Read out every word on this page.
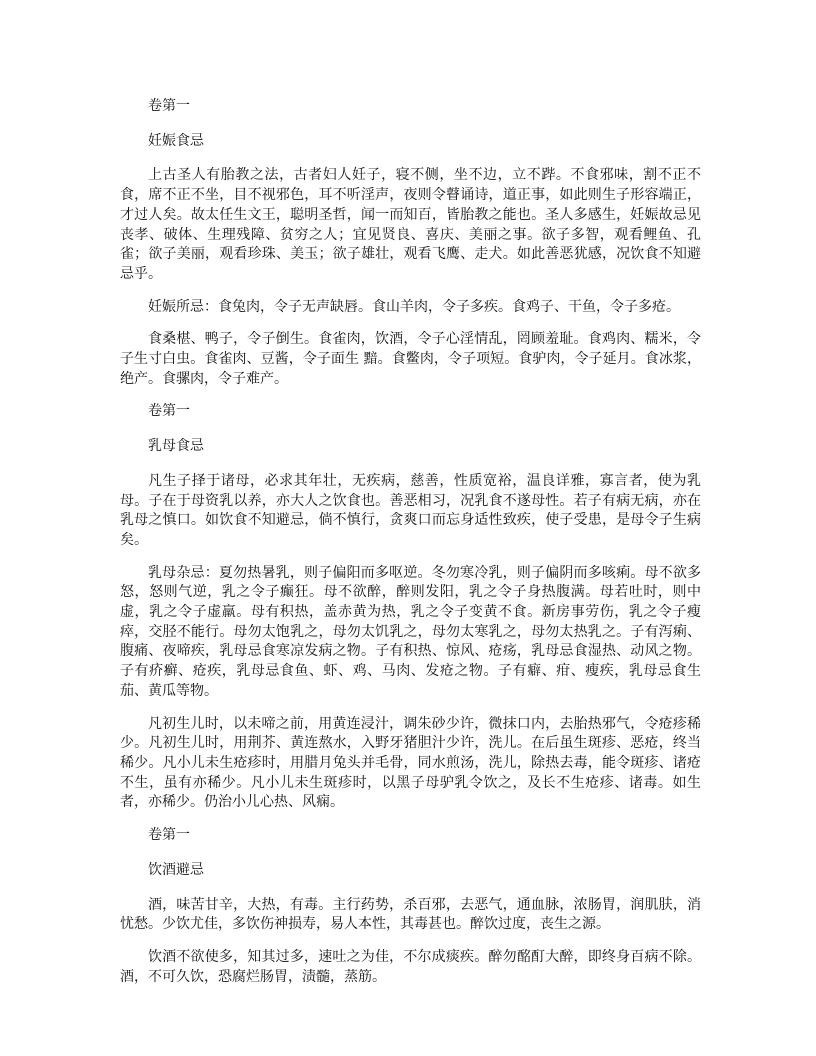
卷第一
妊娠食忌

上古圣人有胎教之法，古者妇人妊子，寝不侧，坐不边，立不跸。不食邪味，割不正不食，席不正不坐，目不视邪色，耳不听淫声，夜则令瞽诵诗，道正事，如此则生子形容端正，才过人矣。故太任生文王，聪明圣哲，闻一而知百，皆胎教之能也。圣人多感生，妊娠故忌见丧孝、破体、生理残障、贫穷之人；宜见贤良、喜庆、美丽之事。欲子多智，观看鲤鱼、孔雀；欲子美丽，观看珍珠、美玉；欲子雄壮，观看飞鹰、走犬。如此善恶犹感，况饮食不知避忌乎。

妊娠所忌：食兔肉，令子无声缺唇。食山羊肉，令子多疾。食鸡子、干鱼，令子多疮。

食桑椹、鸭子，令子倒生。食雀肉，饮酒，令子心淫情乱，罔顾羞耻。食鸡肉、糯米，令子生寸白虫。食雀肉、豆酱，令子面生 黯。食鳖肉，令子项短。食驴肉，令子延月。食冰浆，绝产。食骡肉，令子难产。

卷第一
乳母食忌

凡生子择于诸母，必求其年壮，无疾病，慈善，性质宽裕，温良详雅，寡言者，使为乳母。子在于母资乳以养，亦大人之饮食也。善恶相习，况乳食不遂母性。若子有病无病，亦在乳母之慎口。如饮食不知避忌，倘不慎行，贪爽口而忘身适性致疾，使子受患，是母令子生病矣。

乳母杂忌：夏勿热暑乳，则子偏阳而多呕逆。冬勿寒冷乳，则子偏阴而多咳痢。母不欲多怒，怒则气逆，乳之令子癫狂。母不欲醉，醉则发阳，乳之令子身热腹满。母若吐时，则中虚，乳之令子虚羸。母有积热，盖赤黄为热，乳之令子变黄不食。新房事劳伤，乳之令子瘦瘁，交胫不能行。母勿太饱乳之，母勿太饥乳之，母勿太寒乳之，母勿太热乳之。子有泻痢、腹痛、夜啼疾，乳母忌食寒凉发病之物。子有积热、惊风、疮疡，乳母忌食湿热、动风之物。子有疥癣、疮疾，乳母忌食鱼、虾、鸡、马肉、发疮之物。子有癖、疳、瘦疾，乳母忌食生茄、黄瓜等物。

凡初生儿时，以未啼之前，用黄连浸汁，调朱砂少许，微抹口内，去胎热邪气，令疮疹稀少。凡初生儿时，用荆芥、黄连熬水，入野牙猪胆汁少许，洗儿。在后虽生斑疹、恶疮，终当稀少。凡小儿未生疮疹时，用腊月兔头并毛骨，同水煎汤，洗儿，除热去毒，能令斑疹、诸疮不生，虽有亦稀少。凡小儿未生斑疹时，以黑子母驴乳令饮之，及长不生疮疹、诸毒。如生者，亦稀少。仍治小儿心热、风痫。

卷第一
饮酒避忌

酒，味苦甘辛，大热，有毒。主行药势，杀百邪，去恶气，通血脉，浓肠胃，润肌肤，消忧愁。少饮尤佳，多饮伤神损寿，易人本性，其毒甚也。醉饮过度，丧生之源。

饮酒不欲使多，知其过多，速吐之为佳，不尔成痰疾。醉勿酩酊大醉，即终身百病不除。酒，不可久饮，恐腐烂肠胃，渍髓，蒸筋。
